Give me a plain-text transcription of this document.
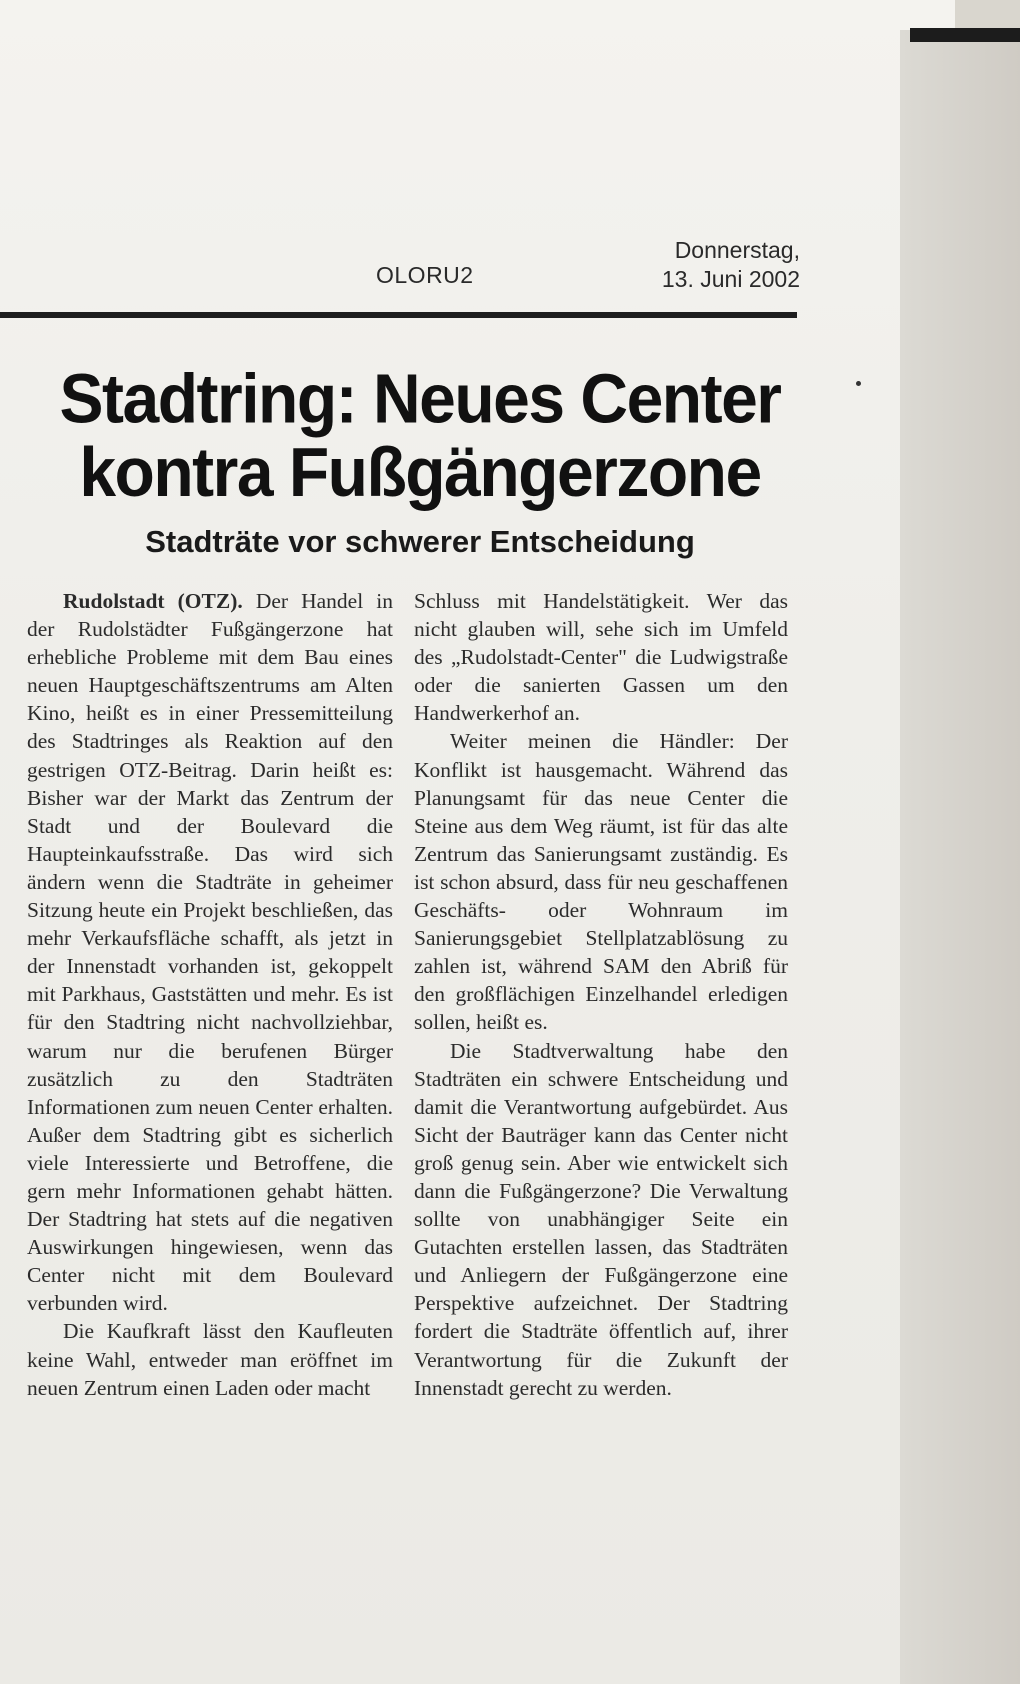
OLORU2
Donnerstag,
13. Juni 2002
Stadtring: Neues Center
kontra Fußgängerzone
Stadträte vor schwerer Entscheidung

Rudolstadt (OTZ). Der Handel in der Rudolstädter Fußgängerzone hat erhebliche Probleme mit dem Bau eines neuen Hauptgeschäftszentrums am Alten Kino, heißt es in einer Pressemitteilung des Stadtringes als Reaktion auf den gestrigen OTZ-Beitrag. Darin heißt es: Bisher war der Markt das Zentrum der Stadt und der Boulevard die Haupteinkaufsstraße. Das wird sich ändern wenn die Stadträte in geheimer Sitzung heute ein Projekt beschließen, das mehr Verkaufsfläche schafft, als jetzt in der Innenstadt vorhanden ist, gekoppelt mit Parkhaus, Gaststätten und mehr. Es ist für den Stadtring nicht nachvollziehbar, warum nur die berufenen Bürger zusätzlich zu den Stadträten Informationen zum neuen Center erhalten. Außer dem Stadtring gibt es sicherlich viele Interessierte und Betroffene, die gern mehr Informationen gehabt hätten. Der Stadtring hat stets auf die negativen Auswirkungen hingewiesen, wenn das Center nicht mit dem Boulevard verbunden wird.

Die Kaufkraft lässt den Kaufleuten keine Wahl, entweder man eröffnet im neuen Zentrum einen Laden oder macht

Schluss mit Handelstätigkeit. Wer das nicht glauben will, sehe sich im Umfeld des „Rudolstadt-Center" die Ludwigstraße oder die sanierten Gassen um den Handwerkerhof an.

Weiter meinen die Händler: Der Konflikt ist hausgemacht. Während das Planungsamt für das neue Center die Steine aus dem Weg räumt, ist für das alte Zentrum das Sanierungsamt zuständig. Es ist schon absurd, dass für neu geschaffenen Geschäfts- oder Wohnraum im Sanierungsgebiet Stellplatzablösung zu zahlen ist, während SAM den Abriß für den großflächigen Einzelhandel erledigen sollen, heißt es.

Die Stadtverwaltung habe den Stadträten ein schwere Entscheidung und damit die Verantwortung aufgebürdet. Aus Sicht der Bauträger kann das Center nicht groß genug sein. Aber wie entwickelt sich dann die Fußgängerzone? Die Verwaltung sollte von unabhängiger Seite ein Gutachten erstellen lassen, das Stadträten und Anliegern der Fußgängerzone eine Perspektive aufzeichnet. Der Stadtring fordert die Stadträte öffentlich auf, ihrer Verantwortung für die Zukunft der Innenstadt gerecht zu werden.
